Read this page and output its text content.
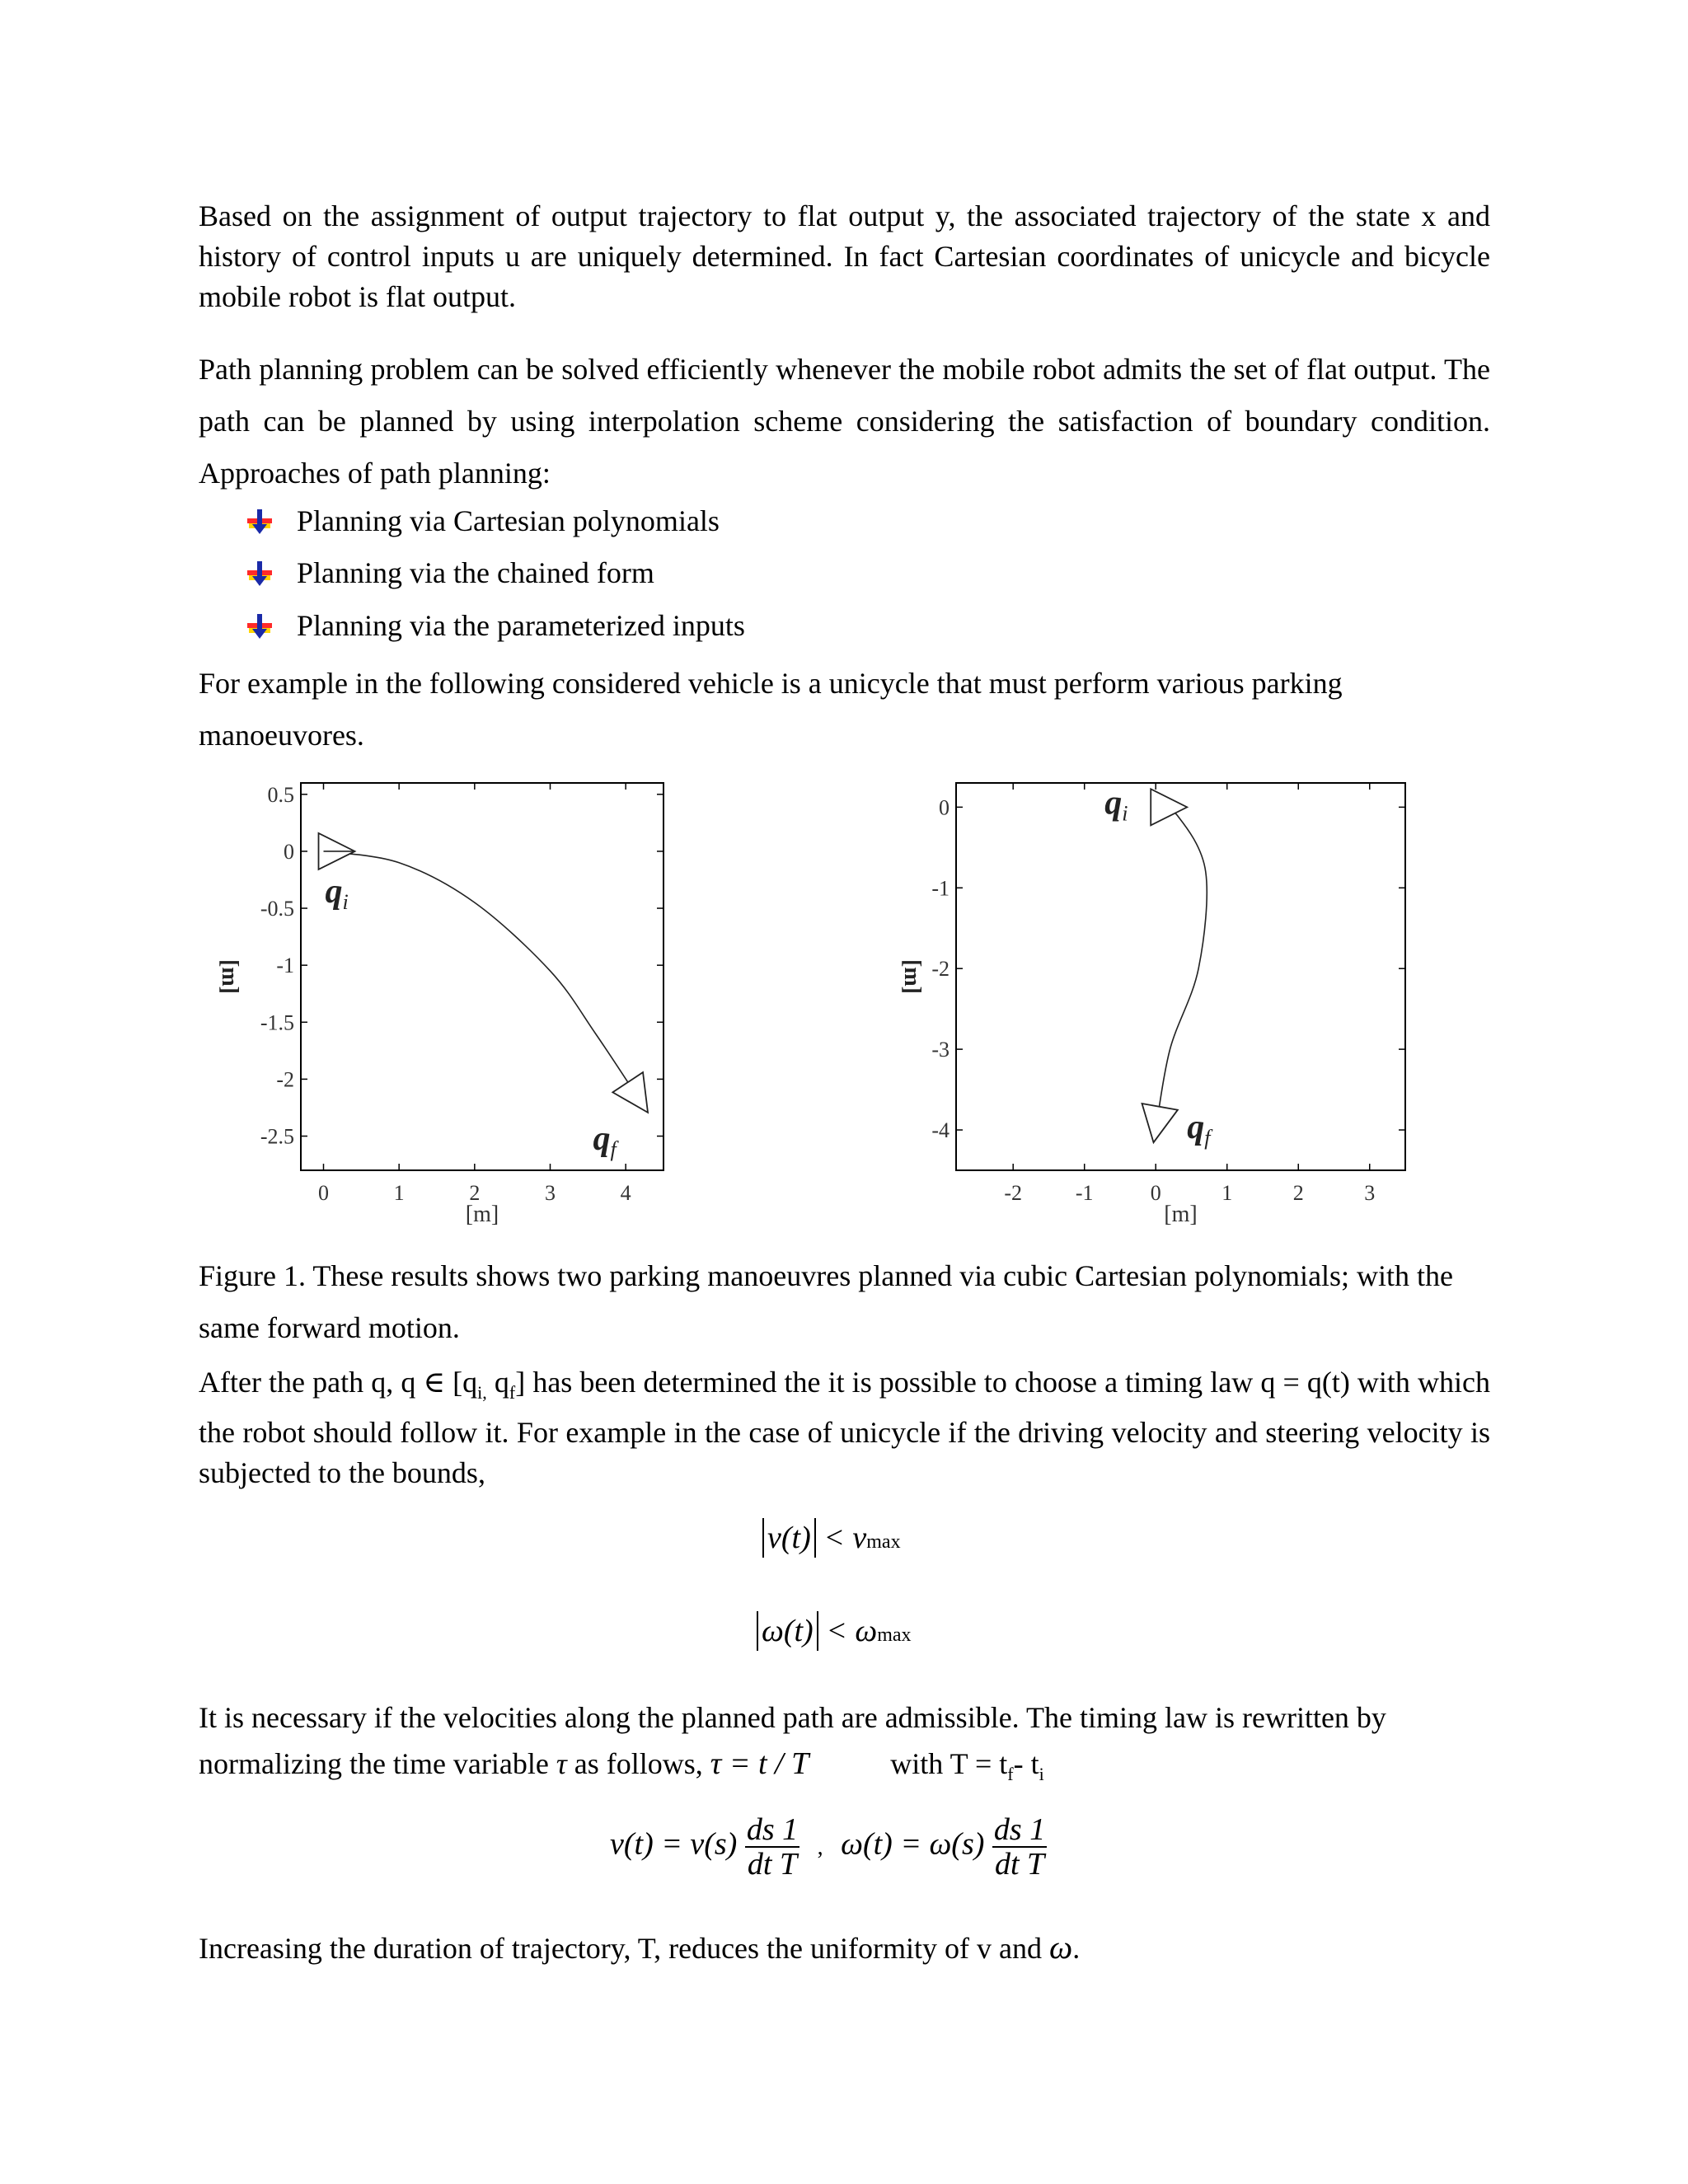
Based on the assignment of output trajectory to flat output y, the associated trajectory of the state x and history of control inputs u are uniquely determined. In fact Cartesian coordinates of unicycle and bicycle mobile robot is flat output.

Path planning problem can be solved efficiently whenever the mobile robot admits the set of flat output. The path can be planned by using interpolation scheme considering the satisfaction of boundary condition. Approaches of path planning:

Planning via Cartesian polynomials
Planning via the chained form
Planning via the parameterized inputs

For example in the following considered vehicle is a unicycle that must perform various parking manoeuvores.

0.5
0
-0.5
-1
-1.5
-2
-2.5
0	1	2	3	4
[m]
[m]
qi
qf
0
-1
-2
-3
-4
-2 -1	0	1	2	3
[m]
[m]
qi
qf

Figure 1. These results shows two parking manoeuvres planned via cubic Cartesian polynomials; with the same forward motion.

After the path q, q ∈ [$q_{i,}$ $q_f$] has been determined the it is possible to choose a timing law q = q(t) with which the robot should follow it. For example in the case of unicycle if the driving velocity and steering velocity is subjected to the bounds,

v(t) < vmax
ω(t) < ωmax

It is necessary if the velocities along the planned path are admissible. The timing law is rewritten by

normalizing the time variable τ as follows, τ = t / T	with $T = t_f-$ $t_i$
$v(t) = v(s) \frac{ds 1}{\text{dt T}}$ , $\omega(t) = \omega(s) \frac{ds 1}{\text{dt T}}$
Increasing the duration of trajectory, T, reduces the uniformity of v and ω.
